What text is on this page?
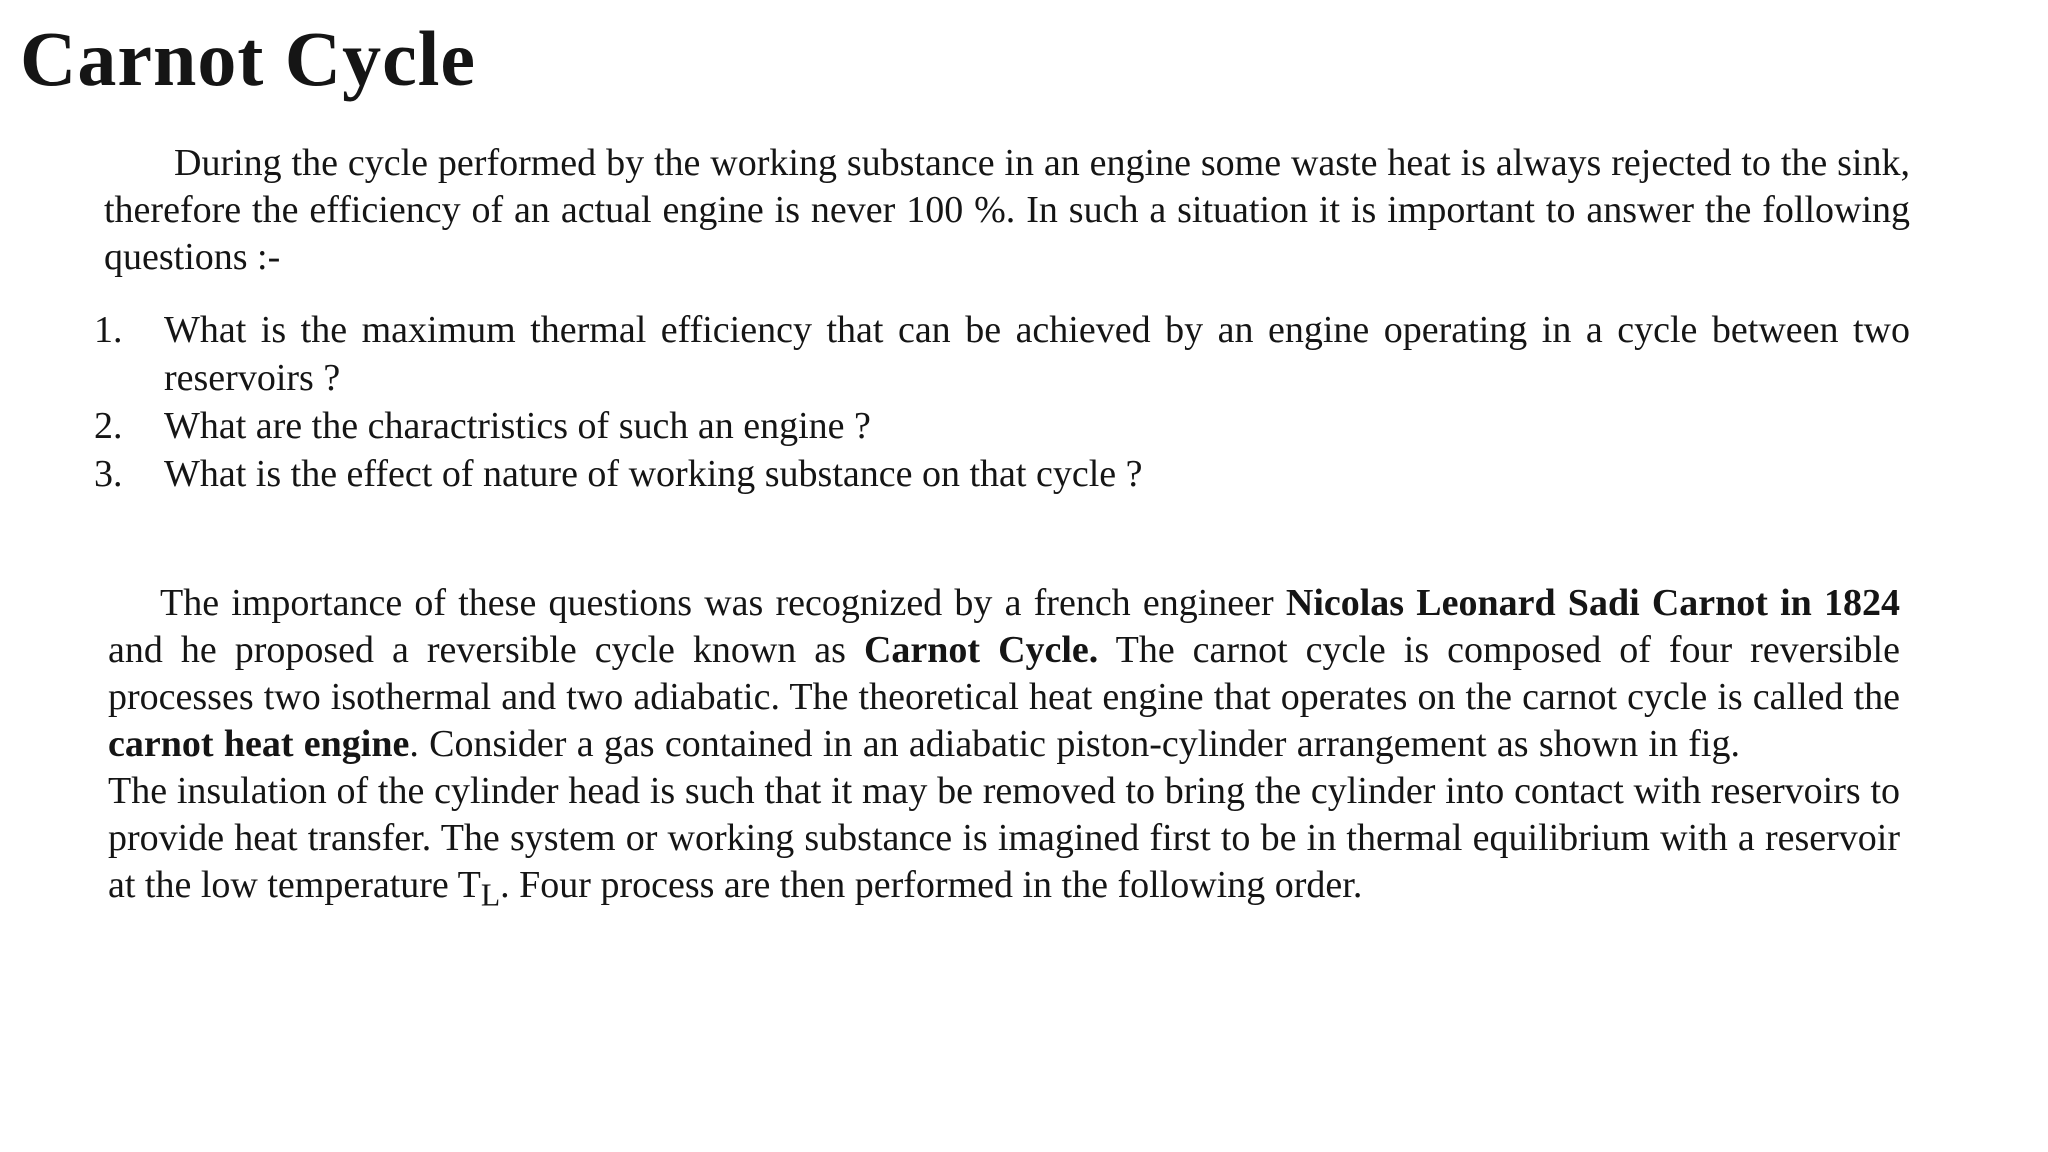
Carnot Cycle

During the cycle performed by the working substance in an engine some waste heat is always rejected to the sink, therefore the efficiency of an actual engine is never 100 %. In such a situation it is important to answer the following questions :-

1.	What is the maximum thermal efficiency that can be achieved by an engine operating in a cycle between two reservoirs ?
2.	What are the charactristics of such an engine ?
3.	What is the effect of nature of working substance on that cycle ?

The importance of these questions was recognized by a french engineer Nicolas Leonard Sadi Carnot in 1824 and he proposed a reversible cycle known as Carnot Cycle. The carnot cycle is composed of four reversible processes two isothermal and two adiabatic. The theoretical heat engine that operates on the carnot cycle is called the carnot heat engine. Consider a gas contained in an adiabatic piston-cylinder arrangement as shown in fig.The insulation of the cylinder head is such that it may be removed to bring the cylinder into contact with reservoirs to provide heat transfer. The system or working substance is imagined first to be in thermal equilibrium with a reservoir at the low temperature $T_L$. Four process are then performed in the following order.
